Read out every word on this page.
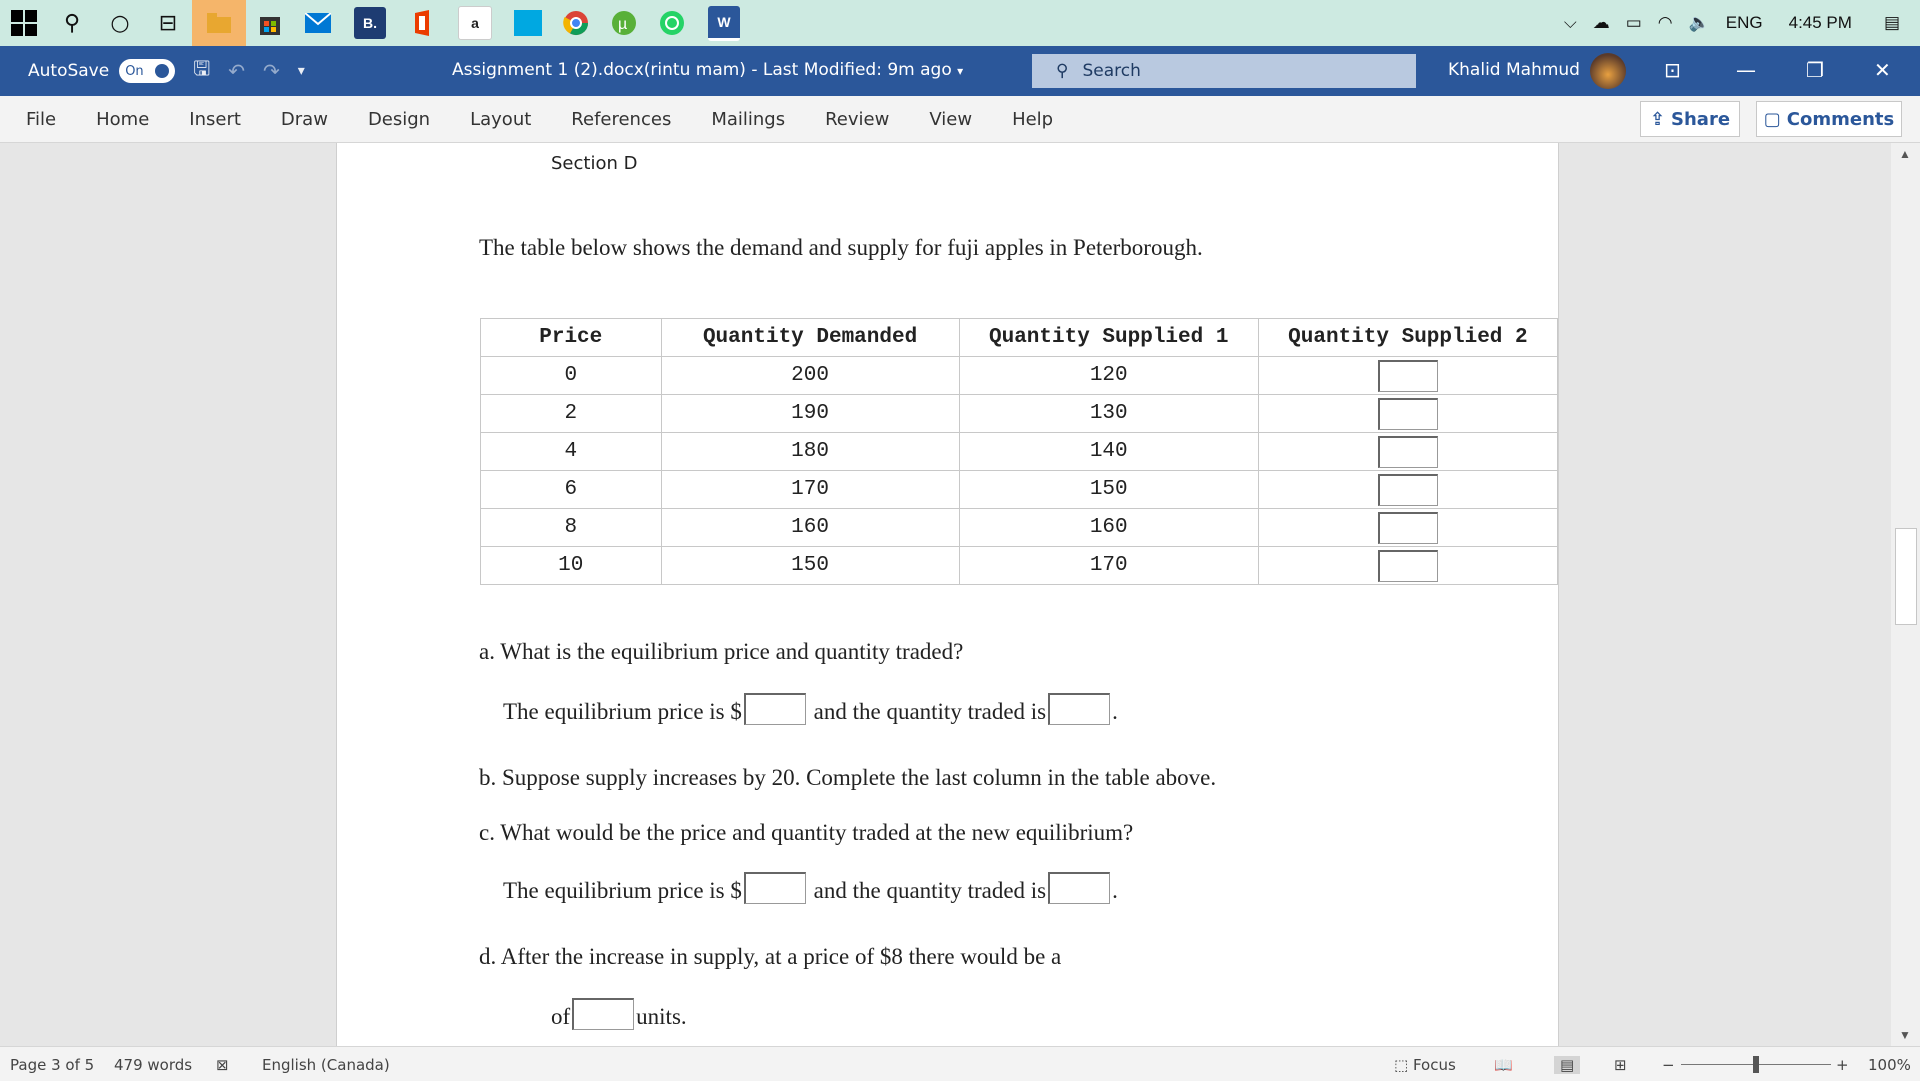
⚲	○	⊟	B.	a	µ	W	⌵ ☁ ▭ ◠ 🔈 ENG 4:45 PM ▤
AutoSave On 🖫 ↶ ↷ ▾	Assignment 1 (2).docx(rintu mam) - Last Modified: 9m ago ▾	⚲ Search	Khalid Mahmud	⊡	—	❐	✕
File Home Insert Draw Design Layout References Mailings Review View Help	⇪ Share ▢ Comments
Section D
The table below shows the demand and supply for fuji apples in Peterborough.
Price	Quantity Demanded	Quantity Supplied 1	Quantity Supplied 2
0	200	120	
2	190	130	
4	180	140	
6	170	150	
8	160	160	
10	150	170	
a. What is the equilibrium price and quantity traded?
The equilibrium price is $	and the quantity traded is	.
b. Suppose supply increases by 20. Complete the last column in the table above.
c. What would be the price and quantity traded at the new equilibrium?
The equilibrium price is $	and the quantity traded is	.
d. After the increase in supply, at a price of $8 there would be a
of	units.
▲
▼
Page 3 of 5 479 words ⊠ English (Canada)	⬚ Focus	📖	▤	⊞ −	+ 100%
